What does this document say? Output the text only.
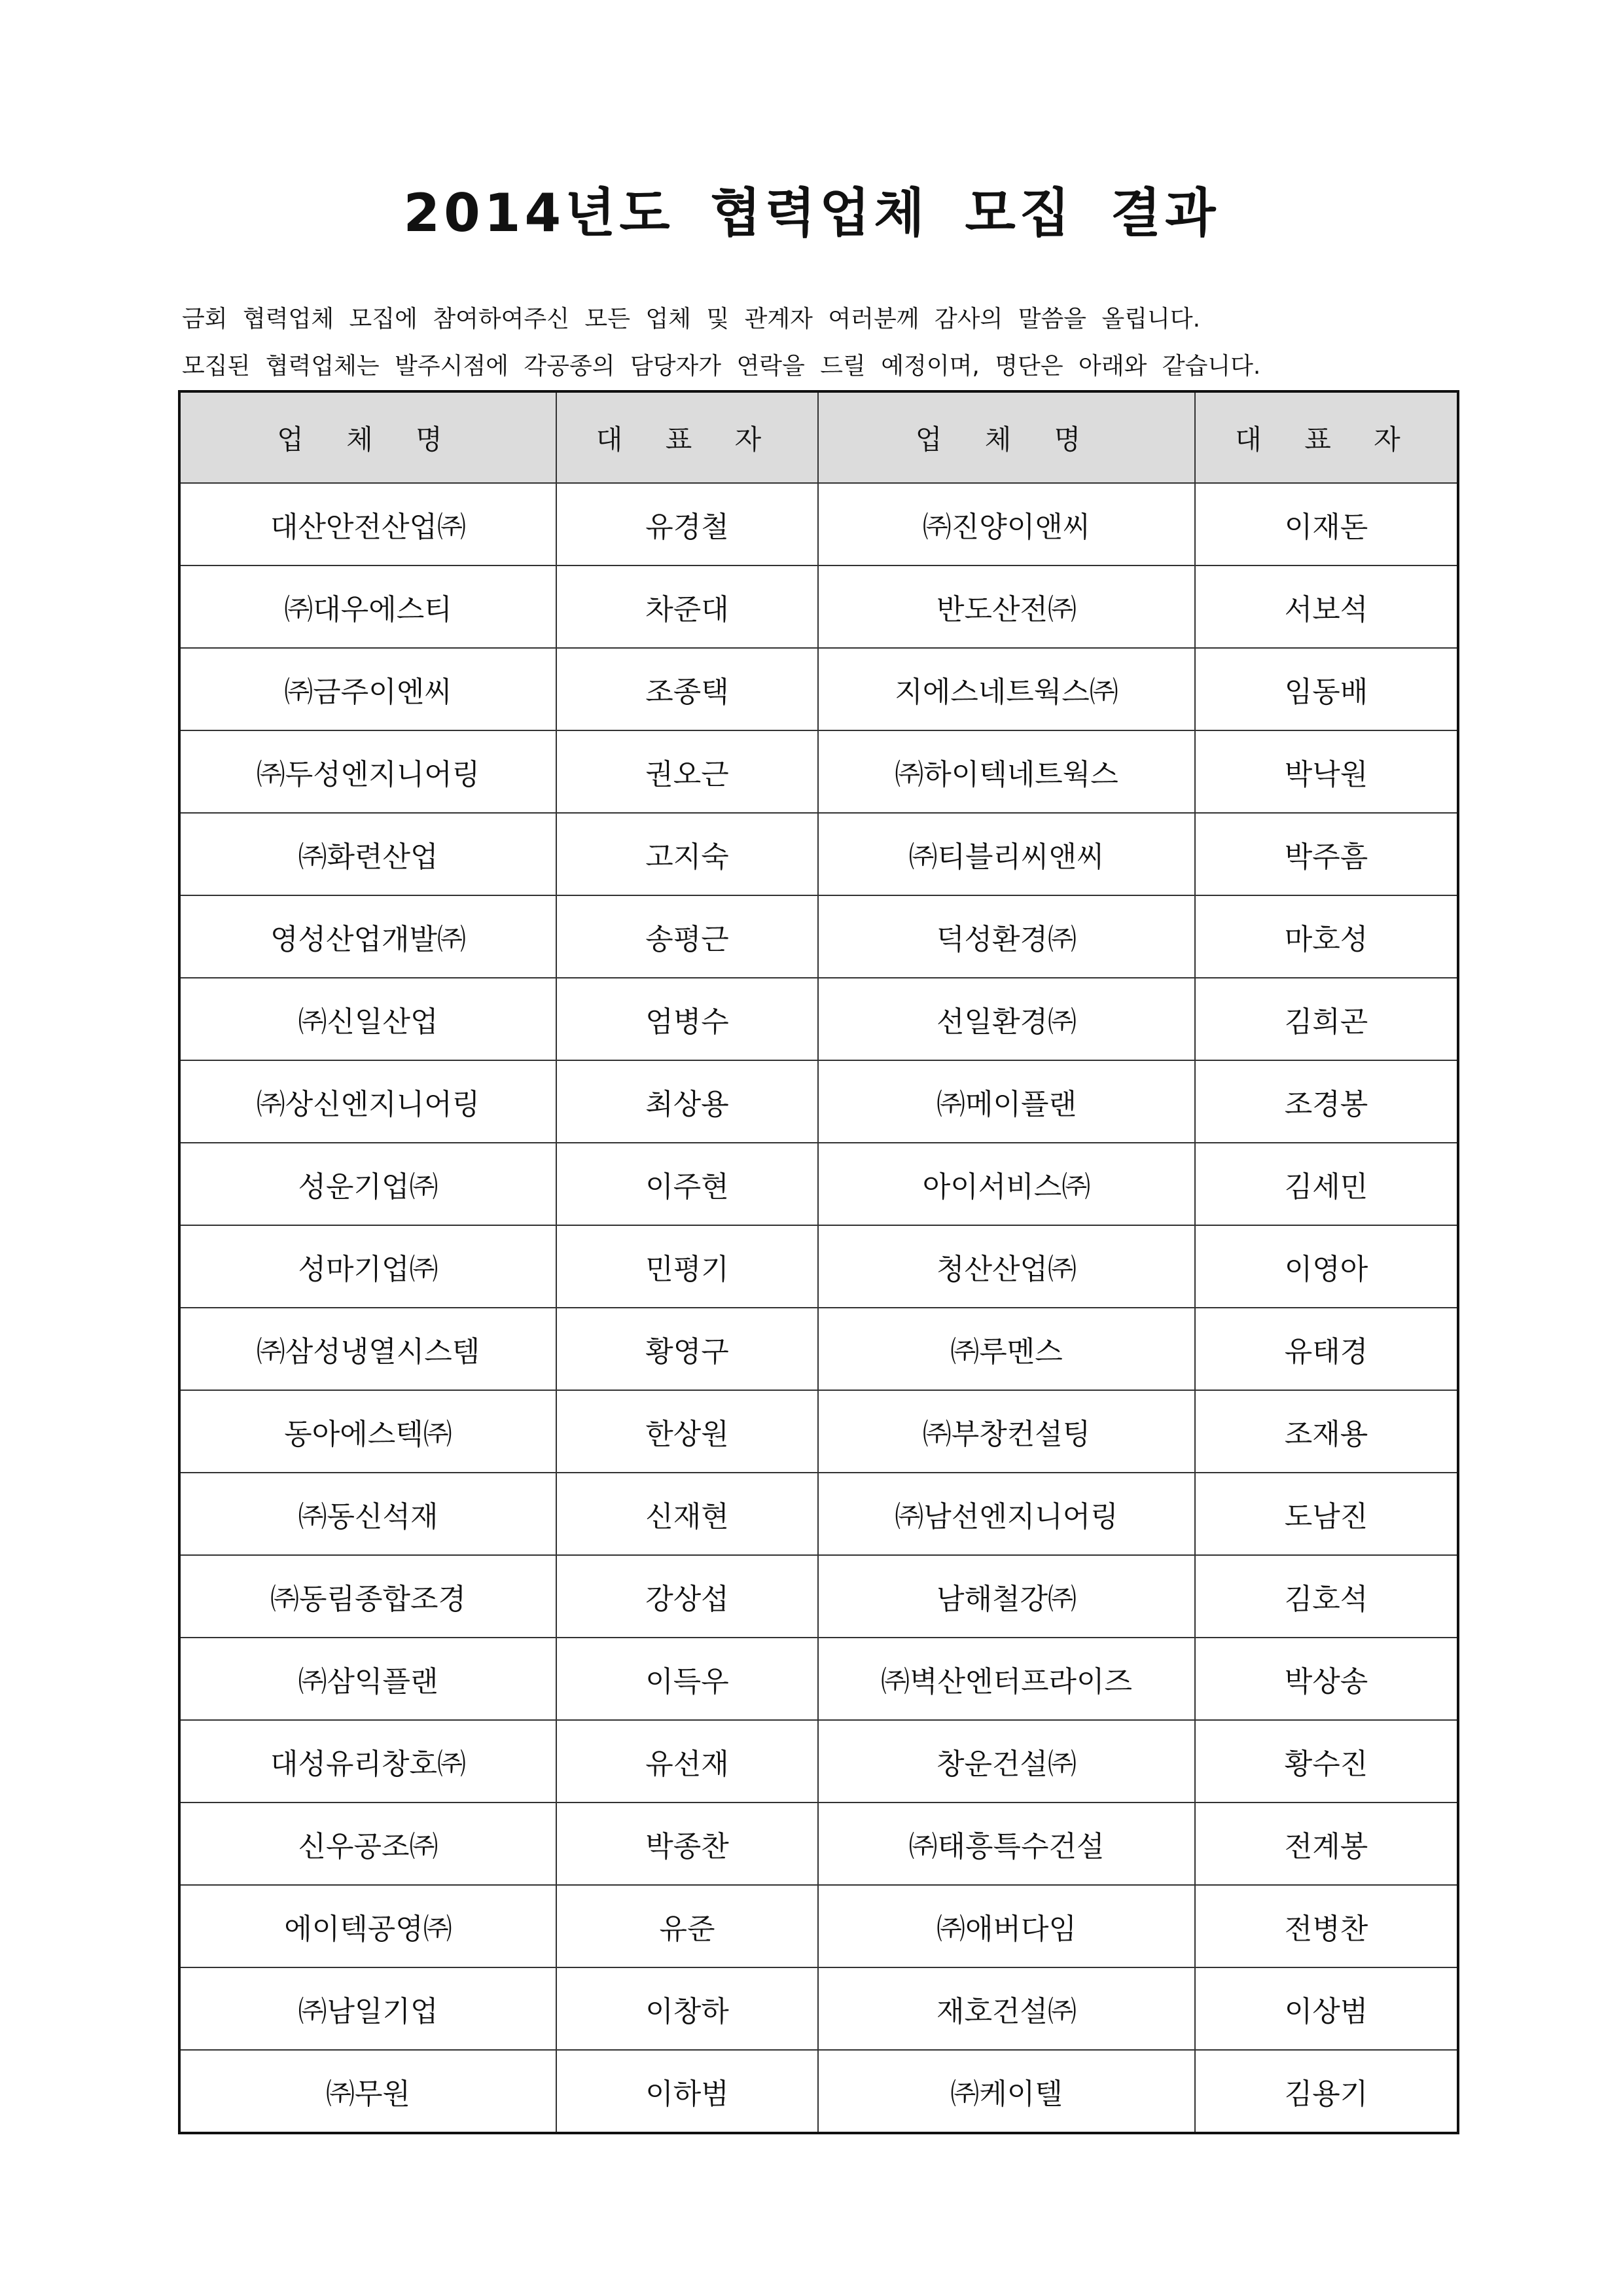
2014년도 협력업체 모집 결과
금회 협력업체 모집에 참여하여주신 모든 업체 및 관계자 여러분께 감사의 말씀을 올립니다.
모집된 협력업체는 발주시점에 각공종의 담당자가 연락을 드릴 예정이며, 명단은 아래와 같습니다.
업 체 명	대 표 자	업 체 명	대 표 자
대산안전산업㈜	유경철	㈜진양이앤씨	이재돈
㈜대우에스티	차준대	반도산전㈜	서보석
㈜금주이엔씨	조종택	지에스네트웍스㈜	임동배
㈜두성엔지니어링	권오근	㈜하이텍네트웍스	박낙원
㈜화련산업	고지숙	㈜티블리씨앤씨	박주흠
영성산업개발㈜	송평근	덕성환경㈜	마호성
㈜신일산업	엄병수	선일환경㈜	김희곤
㈜상신엔지니어링	최상용	㈜메이플랜	조경봉
성운기업㈜	이주현	아이서비스㈜	김세민
성마기업㈜	민평기	청산산업㈜	이영아
㈜삼성냉열시스템	황영구	㈜루멘스	유태경
동아에스텍㈜	한상원	㈜부창컨설팅	조재용
㈜동신석재	신재현	㈜남선엔지니어링	도남진
㈜동림종합조경	강상섭	남해철강㈜	김호석
㈜삼익플랜	이득우	㈜벽산엔터프라이즈	박상송
대성유리창호㈜	유선재	창운건설㈜	황수진
신우공조㈜	박종찬	㈜태흥특수건설	전계봉
에이텍공영㈜	유준	㈜애버다임	전병찬
㈜남일기업	이창하	재호건설㈜	이상범
㈜무원	이하범	㈜케이텔	김용기
